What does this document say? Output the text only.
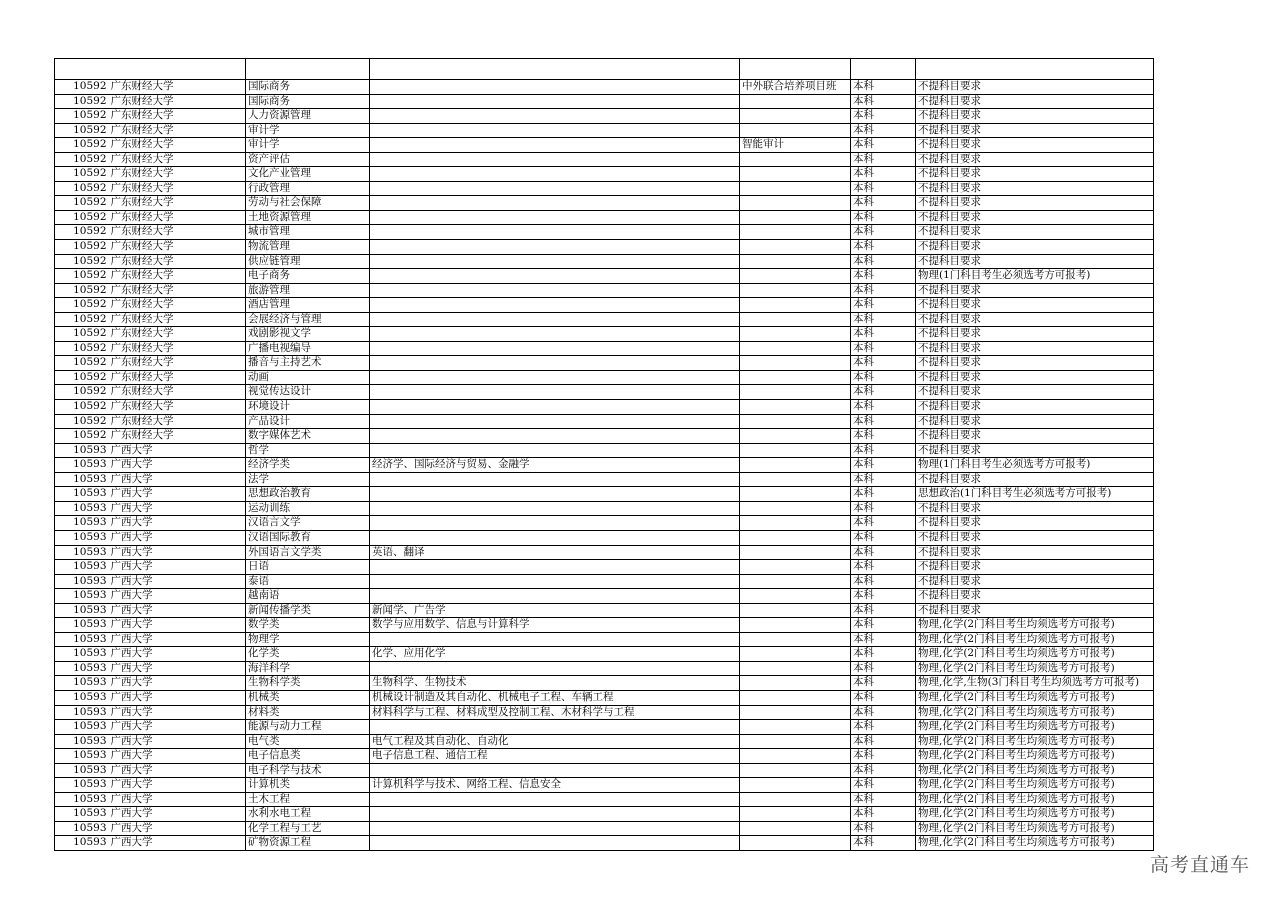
10592	广东财经大学	国际商务		中外联合培养项目班	本科	不提科目要求
10592	广东财经大学	国际商务			本科	不提科目要求
10592	广东财经大学	人力资源管理			本科	不提科目要求
10592	广东财经大学	审计学			本科	不提科目要求
10592	广东财经大学	审计学		智能审计	本科	不提科目要求
10592	广东财经大学	资产评估			本科	不提科目要求
10592	广东财经大学	文化产业管理			本科	不提科目要求
10592	广东财经大学	行政管理			本科	不提科目要求
10592	广东财经大学	劳动与社会保障			本科	不提科目要求
10592	广东财经大学	土地资源管理			本科	不提科目要求
10592	广东财经大学	城市管理			本科	不提科目要求
10592	广东财经大学	物流管理			本科	不提科目要求
10592	广东财经大学	供应链管理			本科	不提科目要求
10592	广东财经大学	电子商务			本科	物理(1门科目考生必须选考方可报考)
10592	广东财经大学	旅游管理			本科	不提科目要求
10592	广东财经大学	酒店管理			本科	不提科目要求
10592	广东财经大学	会展经济与管理			本科	不提科目要求
10592	广东财经大学	戏剧影视文学			本科	不提科目要求
10592	广东财经大学	广播电视编导			本科	不提科目要求
10592	广东财经大学	播音与主持艺术			本科	不提科目要求
10592	广东财经大学	动画			本科	不提科目要求
10592	广东财经大学	视觉传达设计			本科	不提科目要求
10592	广东财经大学	环境设计			本科	不提科目要求
10592	广东财经大学	产品设计			本科	不提科目要求
10592	广东财经大学	数字媒体艺术			本科	不提科目要求
10593	广西大学	哲学			本科	不提科目要求
10593	广西大学	经济学类	经济学、国际经济与贸易、金融学		本科	物理(1门科目考生必须选考方可报考)
10593	广西大学	法学			本科	不提科目要求
10593	广西大学	思想政治教育			本科	思想政治(1门科目考生必须选考方可报考)
10593	广西大学	运动训练			本科	不提科目要求
10593	广西大学	汉语言文学			本科	不提科目要求
10593	广西大学	汉语国际教育			本科	不提科目要求
10593	广西大学	外国语言文学类	英语、翻译		本科	不提科目要求
10593	广西大学	日语			本科	不提科目要求
10593	广西大学	泰语			本科	不提科目要求
10593	广西大学	越南语			本科	不提科目要求
10593	广西大学	新闻传播学类	新闻学、广告学		本科	不提科目要求
10593	广西大学	数学类	数学与应用数学、信息与计算科学		本科	物理,化学(2门科目考生均须选考方可报考)
10593	广西大学	物理学			本科	物理,化学(2门科目考生均须选考方可报考)
10593	广西大学	化学类	化学、应用化学		本科	物理,化学(2门科目考生均须选考方可报考)
10593	广西大学	海洋科学			本科	物理,化学(2门科目考生均须选考方可报考)
10593	广西大学	生物科学类	生物科学、生物技术		本科	物理,化学,生物(3门科目考生均须选考方可报考)
10593	广西大学	机械类	机械设计制造及其自动化、机械电子工程、车辆工程		本科	物理,化学(2门科目考生均须选考方可报考)
10593	广西大学	材料类	材料科学与工程、材料成型及控制工程、木材科学与工程		本科	物理,化学(2门科目考生均须选考方可报考)
10593	广西大学	能源与动力工程			本科	物理,化学(2门科目考生均须选考方可报考)
10593	广西大学	电气类	电气工程及其自动化、自动化		本科	物理,化学(2门科目考生均须选考方可报考)
10593	广西大学	电子信息类	电子信息工程、通信工程		本科	物理,化学(2门科目考生均须选考方可报考)
10593	广西大学	电子科学与技术			本科	物理,化学(2门科目考生均须选考方可报考)
10593	广西大学	计算机类	计算机科学与技术、网络工程、信息安全		本科	物理,化学(2门科目考生均须选考方可报考)
10593	广西大学	土木工程			本科	物理,化学(2门科目考生均须选考方可报考)
10593	广西大学	水利水电工程			本科	物理,化学(2门科目考生均须选考方可报考)
10593	广西大学	化学工程与工艺			本科	物理,化学(2门科目考生均须选考方可报考)
10593	广西大学	矿物资源工程			本科	物理,化学(2门科目考生均须选考方可报考)
高考直通车
